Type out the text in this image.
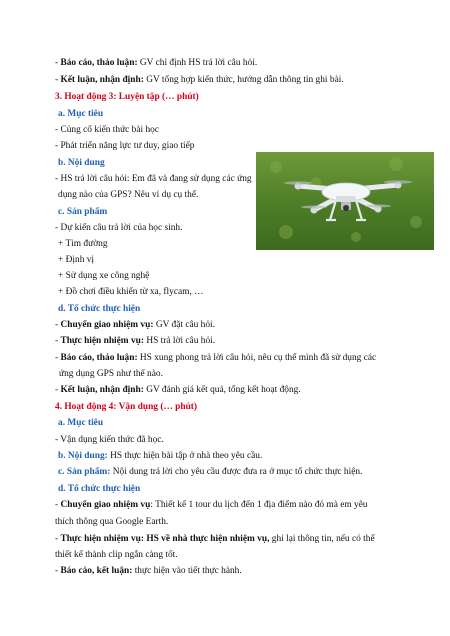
- Báo cáo, thảo luận: GV chỉ định HS trả lời câu hỏi.
- Kết luận, nhận định: GV tổng hợp kiến thức, hướng dẫn thông tin ghi bài.
3. Hoạt động 3: Luyện tập (… phút)
a. Mục tiêu
- Củng cố kiến thức bài học
- Phát triển năng lực tư duy, giao tiếp
b. Nội dung
- HS trả lời câu hỏi: Em đã và đang sử dụng các ứng
dụng nào của GPS? Nêu ví dụ cụ thể.
c. Sản phẩm
- Dự kiến câu trả lời của học sinh.
+ Tìm đường
+ Định vị
+ Sử dụng xe công nghệ
+ Đồ chơi điều khiển từ xa, flycam, …
d. Tổ chức thực hiện
- Chuyển giao nhiệm vụ: GV đặt câu hỏi.
- Thực hiện nhiệm vụ: HS trả lời câu hỏi.
- Báo cáo, thảo luận: HS xung phong trả lời câu hỏi, nêu cụ thể mình đã sử dụng các
ứng dụng GPS như thế nào.
- Kết luận, nhận định: GV đánh giá kết quả, tổng kết hoạt động.
4. Hoạt động 4: Vận dụng (… phút)
a. Mục tiêu
- Vận dụng kiến thức đã học.
b. Nội dung: HS thực hiện bài tập ở nhà theo yêu cầu.
c. Sản phẩm: Nội dung trả lời cho yêu cầu được đưa ra ở mục tổ chức thực hiện.
d. Tổ chức thực hiện
- Chuyển giao nhiệm vụ: Thiết kế 1 tour du lịch đến 1 địa điểm nào đó mà em yêu
thích thông qua Google Earth.
- Thực hiện nhiệm vụ: HS về nhà thực hiện nhiệm vụ, ghi lại thông tin, nếu có thể
thiết kế thành clip ngắn càng tốt.
- Báo cáo, kết luận: thực hiện vào tiết thực hành.
